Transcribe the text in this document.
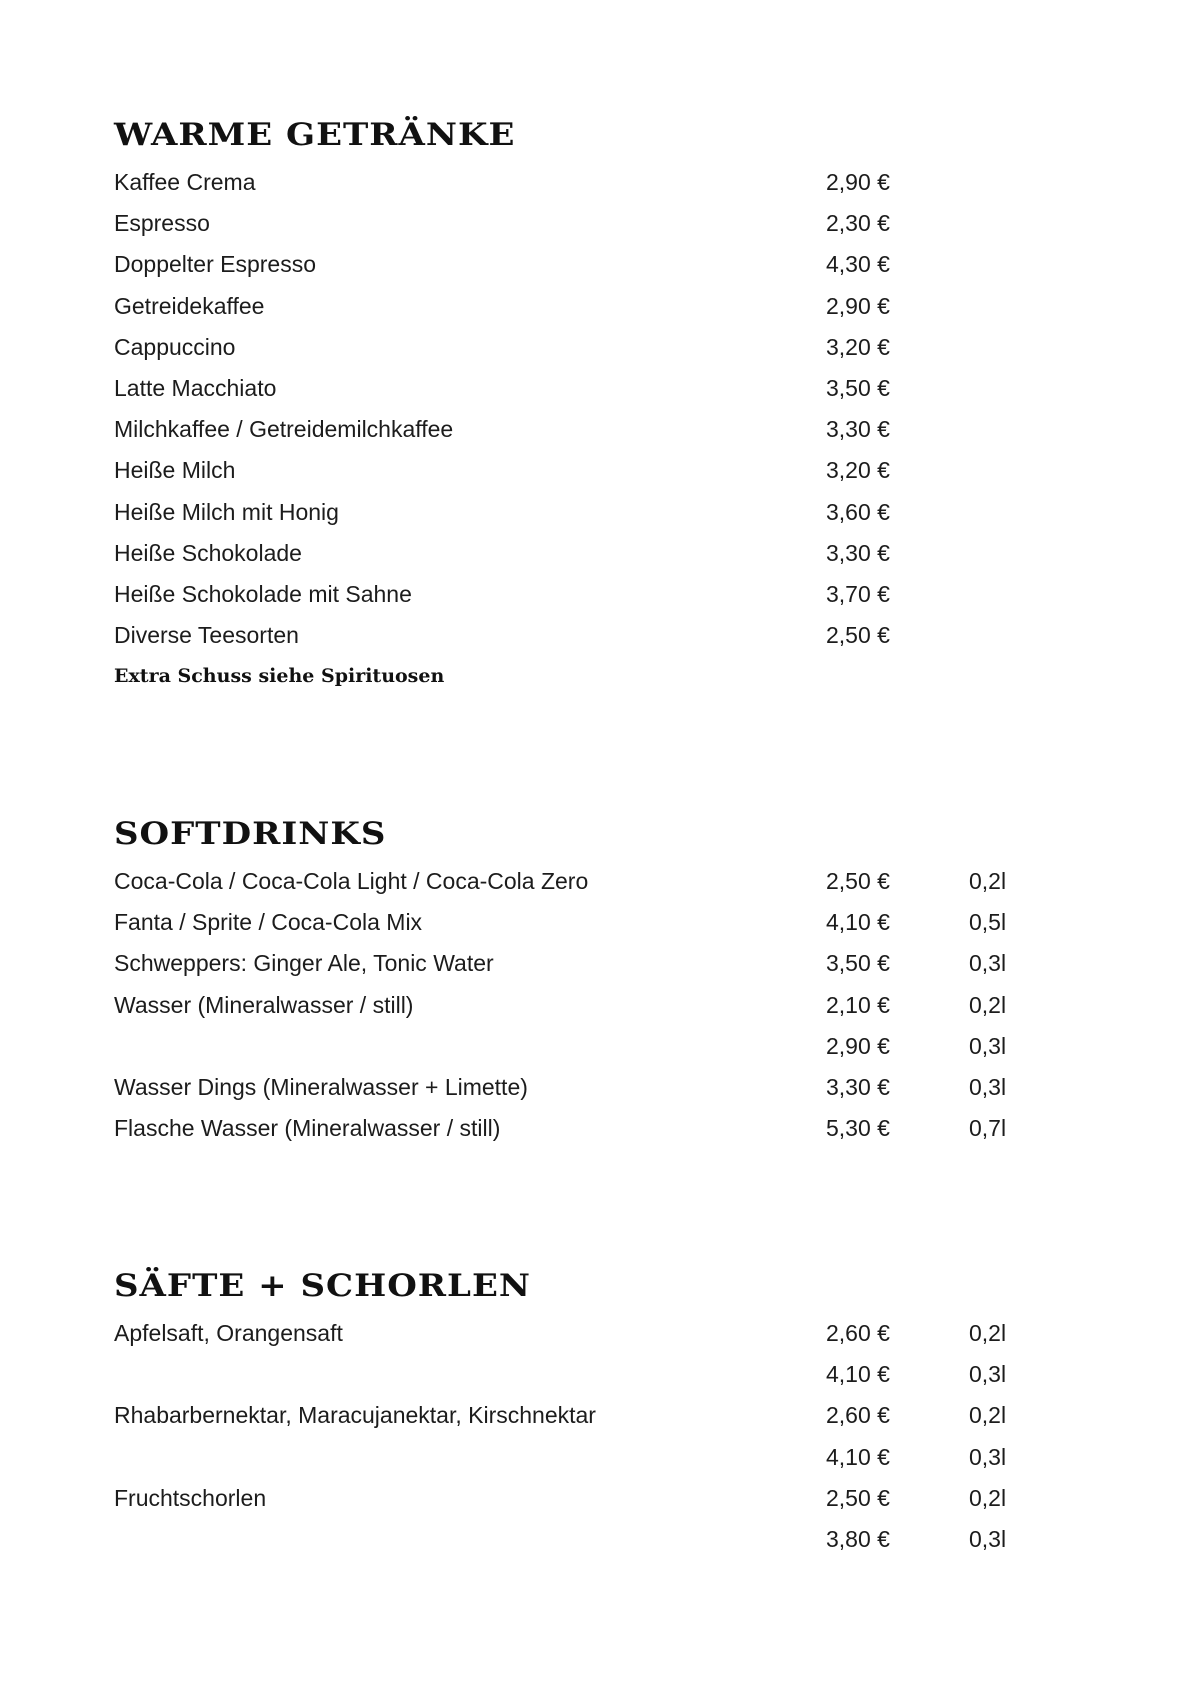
WARME GETRÄNKE
Kaffee Crema	2,90 €
Espresso	2,30 €
Doppelter Espresso	4,30 €
Getreidekaffee	2,90 €
Cappuccino	3,20 €
Latte Macchiato	3,50 €
Milchkaffee / Getreidemilchkaffee	3,30 €
Heiße Milch	3,20 €
Heiße Milch mit Honig	3,60 €
Heiße Schokolade	3,30 €
Heiße Schokolade mit Sahne	3,70 €
Diverse Teesorten	2,50 €
Extra Schuss siehe Spirituosen
SOFTDRINKS
Coca-Cola / Coca-Cola Light / Coca-Cola Zero	2,50 €	0,2l
Fanta / Sprite / Coca-Cola Mix	4,10 €	0,5l
Schweppers: Ginger Ale, Tonic Water	3,50 €	0,3l
Wasser (Mineralwasser / still)	2,10 €	0,2l
2,90 €	0,3l
Wasser Dings (Mineralwasser + Limette)	3,30 €	0,3l
Flasche Wasser (Mineralwasser / still)	5,30 €	0,7l
SÄFTE + SCHORLEN
Apfelsaft, Orangensaft	2,60 €	0,2l
4,10 €	0,3l
Rhabarbernektar, Maracujanektar, Kirschnektar	2,60 €	0,2l
4,10 €	0,3l
Fruchtschorlen	2,50 €	0,2l
3,80 €	0,3l
